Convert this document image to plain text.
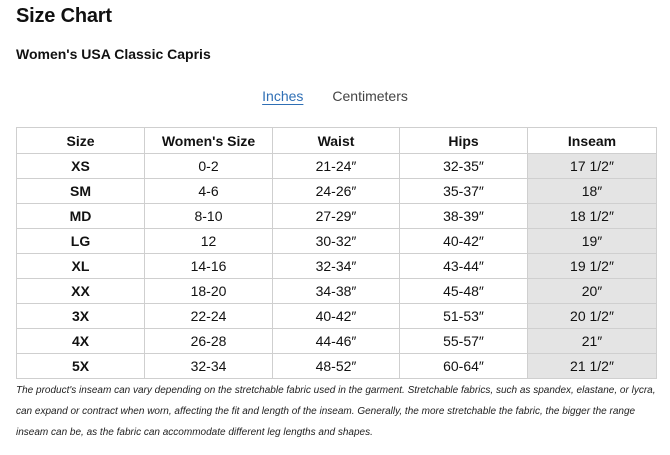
Size Chart
Women's USA Classic Capris
Inches Centimeters
Size	Women's Size	Waist	Hips	Inseam
XS	0-2	21-24″	32-35″	17 1/2″
SM	4-6	24-26″	35-37″	18″
MD	8-10	27-29″	38-39″	18 1/2″
LG	12	30-32″	40-42″	19″
XL	14-16	32-34″	43-44″	19 1/2″
XX	18-20	34-38″	45-48″	20″
3X	22-24	40-42″	51-53″	20 1/2″
4X	26-28	44-46″	55-57″	21″
5X	32-34	48-52″	60-64″	21 1/2″
The product's inseam can vary depending on the stretchable fabric used in the garment. Stretchable fabrics, such as spandex, elastane, or lycra, can expand or contract when worn, affecting the fit and length of the inseam. Generally, the more stretchable the fabric, the bigger the range inseam can be, as the fabric can accommodate different leg lengths and shapes.
